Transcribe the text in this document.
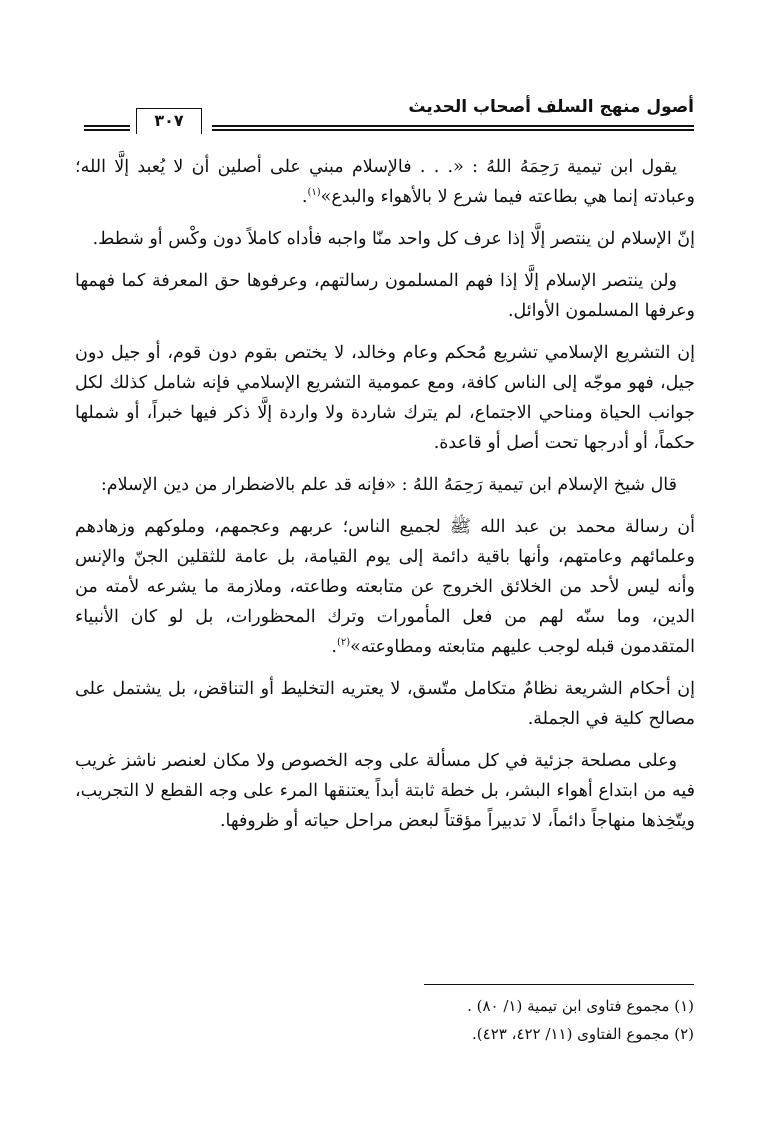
أصول منهج السلف أصحاب الحديث
٣٠٧

يقول ابن تيمية رَحِمَهُ اللهُ : «. . . فالإسلام مبني على أصلين أن لا يُعبد إلَّا الله؛ وعبادته إنما هي بطاعته فيما شرع لا بالأهواء والبدع»$^{(١)}$.

إنّ الإسلام لن ينتصر إلَّا إذا عرف كل واحد منّا واجبه فأداه كاملاً دون وكْس أو شطط.

ولن ينتصر الإسلام إلَّا إذا فهم المسلمون رسالتهم، وعرفوها حق المعرفة كما فهمها وعرفها المسلمون الأوائل.

إن التشريع الإسلامي تشريع مُحكم وعام وخالد، لا يختص بقوم دون قوم، أو جيل دون جيل، فهو موجّه إلى الناس كافة، ومع عمومية التشريع الإسلامي فإنه شامل كذلك لكل جوانب الحياة ومناحي الاجتماع، لم يترك شاردة ولا واردة إلَّا ذكر فيها خبراً، أو شملها حكماً، أو أدرجها تحت أصل أو قاعدة.

قال شيخ الإسلام ابن تيمية رَحِمَهُ اللهُ : «فإنه قد علم بالاضطرار من دين الإسلام:

أن رسالة محمد بن عبد الله ﷺ لجميع الناس؛ عربهم وعجمهم، وملوكهم وزهادهم وعلمائهم وعامتهم، وأنها باقية دائمة إلى يوم القيامة، بل عامة للثقلين الجنّ والإنس وأنه ليس لأحد من الخلائق الخروج عن متابعته وطاعته، وملازمة ما يشرعه لأمته من الدين، وما سنّه لهم من فعل المأمورات وترك المحظورات، بل لو كان الأنبياء المتقدمون قبله لوجب عليهم متابعته ومطاوعته»$^{(٢)}$.

إن أحكام الشريعة نظامٌ متكامل متّسق، لا يعتريه التخليط أو التناقض، بل يشتمل على مصالح كلية في الجملة.

وعلى مصلحة جزئية في كل مسألة على وجه الخصوص ولا مكان لعنصر ناشز غريب فيه من ابتداع أهواء البشر، بل خطة ثابتة أبداً يعتنقها المرء على وجه القطع لا التجريب، ويتّخِذها منهاجاً دائماً، لا تدبيراً مؤقتاً لبعض مراحل حياته أو ظروفها.

(١) مجموع فتاوى ابن تيمية (١/ ٨٠) .

(٢) مجموع الفتاوى (١١/ ٤٢٢، ٤٢٣).
